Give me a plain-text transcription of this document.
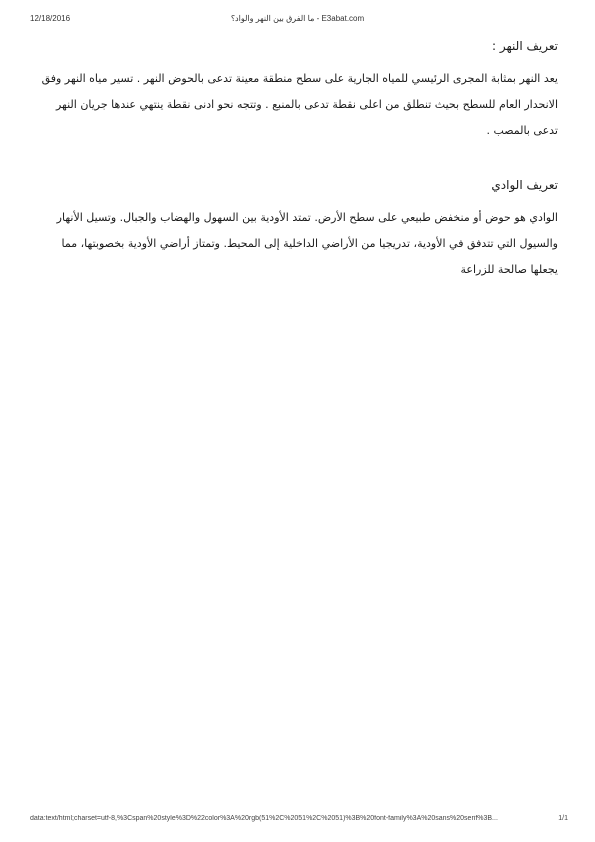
12/18/2016	ما الفرق بين النهر والواد؟ - E3abat.com
تعريف النهر :

يعد النهر بمثابة المجرى الرئيسي للمياه الجارية على سطح منطقة معينة تدعى بالحوض النهر . تسير مياه النهر وفق الانحدار العام للسطح بحيث تنطلق من اعلى نقطة تدعى بالمنبع . وتتجه نحو ادنى نقطة ينتهي عندها جريان النهر تدعى بالمصب .

تعريف الوادي

الوادي هو حوض أو منخفض طبيعي على سطح الأرض. تمتد الأودية بين السهول والهضاب والجبال. وتسيل الأنهار والسيول التي تتدفق في الأودية، تدريجيا من الأراضي الداخلية إلى المحيط. وتمتاز أراضي الأودية بخصوبتها، مما يجعلها صالحة للزراعة

data:text/html;charset=utf-8,%3Cspan%20style%3D%22color%3A%20rgb(51%2C%2051%2C%2051)%3B%20font-family%3A%20sans%20serif%3B...	1/1
